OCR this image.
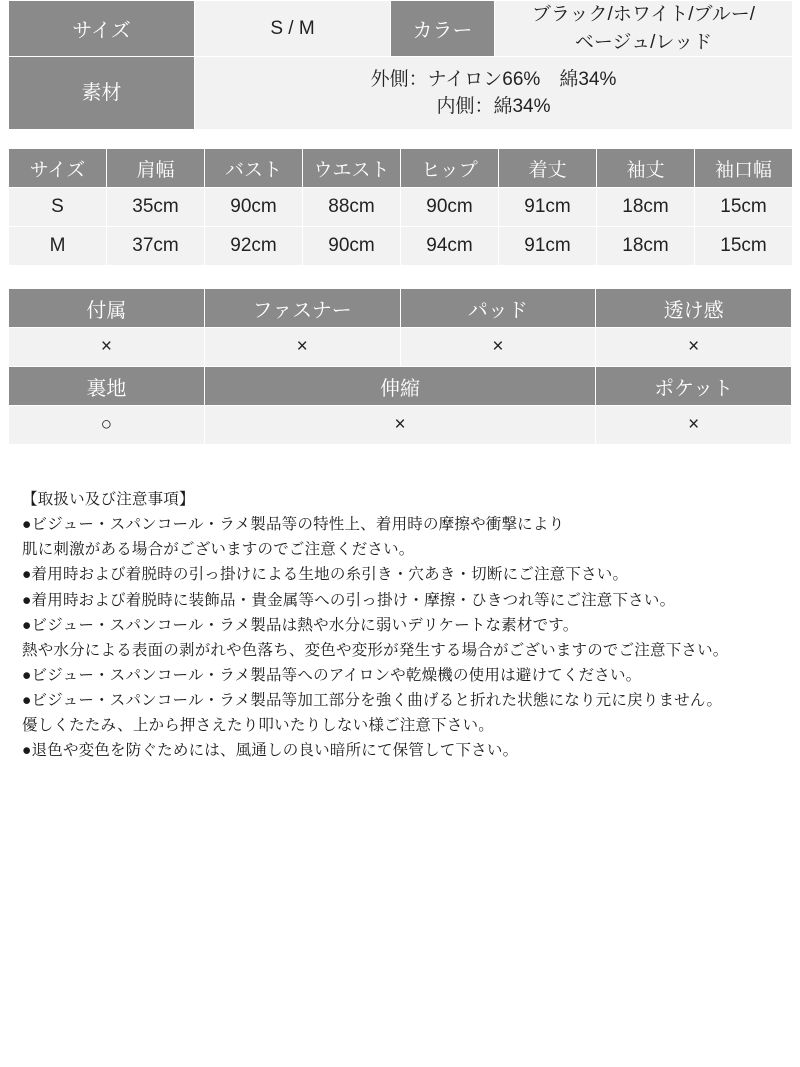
サイズ	S / M	カラー	ブラック/ホワイト/ブルー/
ベージュ/レッド

素材	外側：ナイロン66%　綿34%
内側：綿34%		
サイズ	肩幅	バスト	ウエスト	ヒップ	着丈	袖丈	袖口幅
S	35cm	90cm	88cm	90cm	91cm	18cm	15cm
M	37cm	92cm	90cm	94cm	91cm	18cm	15cm
付属	ファスナー	パッド	透け感
×	×	×	×
裏地	伸縮		ポケット
○	×		×
【取扱い及び注意事項】
●ビジュー・スパンコール・ラメ製品等の特性上、着用時の摩擦や衝撃により
肌に刺激がある場合がございますのでご注意ください。
●着用時および着脱時の引っ掛けによる生地の糸引き・穴あき・切断にご注意下さい。
●着用時および着脱時に装飾品・貴金属等への引っ掛け・摩擦・ひきつれ等にご注意下さい。
●ビジュー・スパンコール・ラメ製品は熱や水分に弱いデリケートな素材です。
熱や水分による表面の剥がれや色落ち、変色や変形が発生する場合がございますのでご注意下さい。
●ビジュー・スパンコール・ラメ製品等へのアイロンや乾燥機の使用は避けてください。
●ビジュー・スパンコール・ラメ製品等加工部分を強く曲げると折れた状態になり元に戻りません。
優しくたたみ、上から押さえたり叩いたりしない様ご注意下さい。
●退色や変色を防ぐためには、風通しの良い暗所にて保管して下さい。
